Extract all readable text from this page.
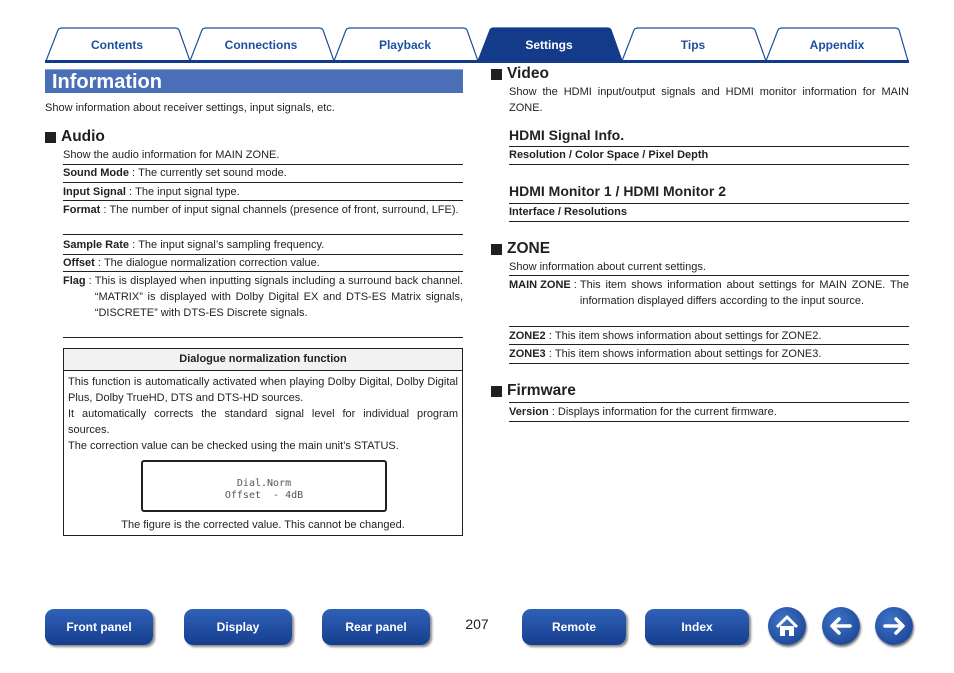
Contents	Connections	Playback	Settings	Tips	Appendix
Information
Show information about receiver settings, input signals, etc.
Audio
Show the audio information for MAIN ZONE.
Sound Mode : The currently set sound mode.
Input Signal : The input signal type.
Format : The number of input signal channels (presence of front, surround, LFE).
Sample Rate : The input signal’s sampling frequency.
Offset : The dialogue normalization correction value.
Flag : This is displayed when inputting signals including a surround back channel. “MATRIX” is displayed with Dolby Digital EX and DTS-ES Matrix signals, “DISCRETE” with DTS-ES Discrete signals.
Dialogue normalization function
This function is automatically activated when playing Dolby Digital, Dolby Digital Plus, Dolby TrueHD, DTS and DTS-HD sources.
It automatically corrects the standard signal level for individual program sources.
The correction value can be checked using the main unit’s STATUS.
Dial.Norm
Offset  - 4dB
The figure is the corrected value. This cannot be changed.
Video
Show the HDMI input/output signals and HDMI monitor information for MAIN ZONE.
HDMI Signal Info.
Resolution / Color Space / Pixel Depth
HDMI Monitor 1 / HDMI Monitor 2
Interface / Resolutions
ZONE
Show information about current settings.
MAIN ZONE : This item shows information about settings for MAIN ZONE. The information displayed differs according to the input source.
ZONE2 : This item shows information about settings for ZONE2.
ZONE3 : This item shows information about settings for ZONE3.
Firmware
Version : Displays information for the current firmware.
Front panel	Display	Rear panel	207	Remote	Index
